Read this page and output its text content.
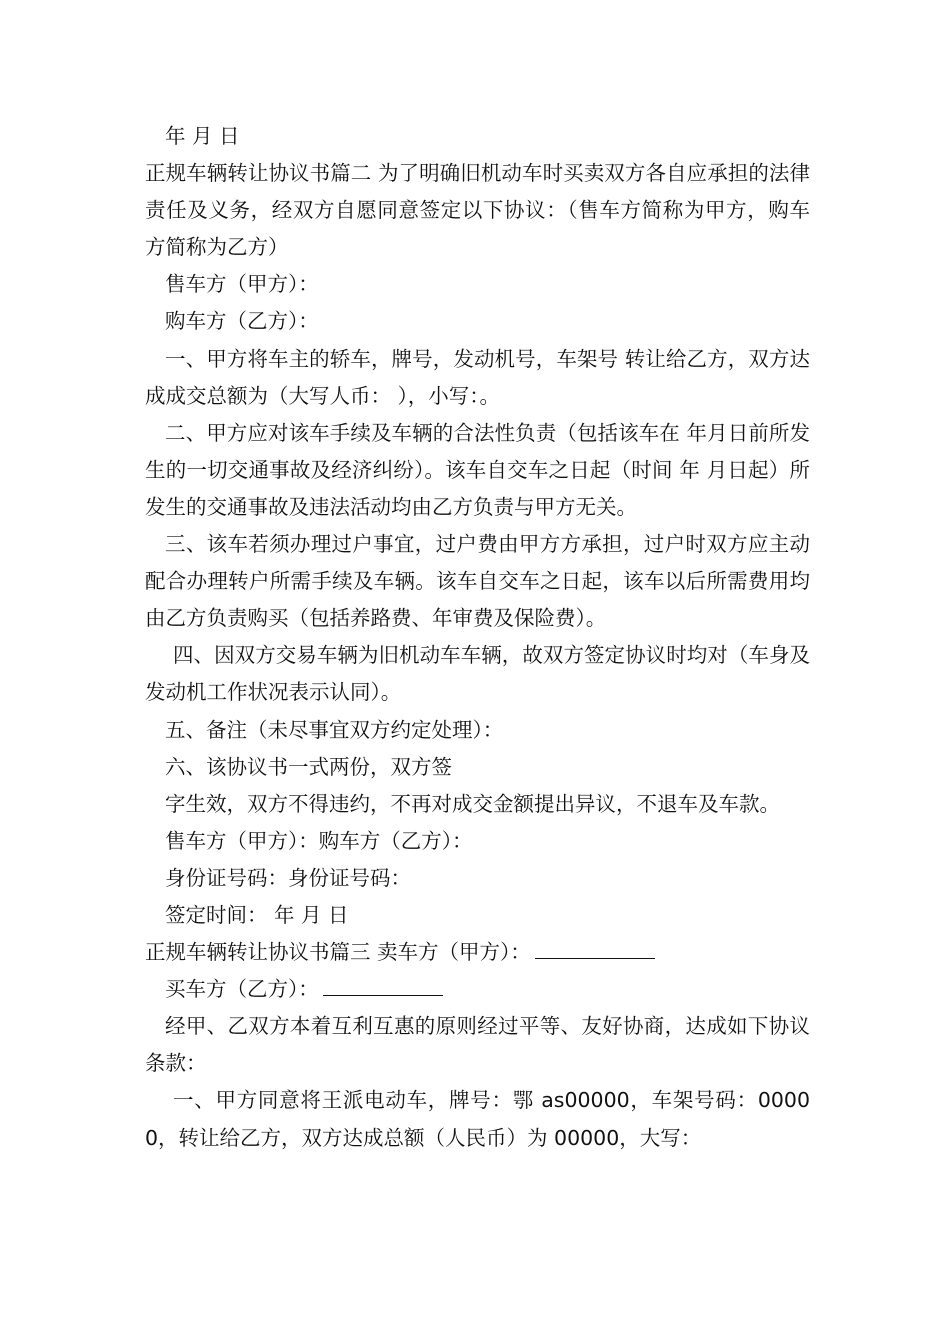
年 月 日

正规车辆转让协议书篇二 为了明确旧机动车时买卖双方各自应承担的法律责任及义务，经双方自愿同意签定以下协议：（售车方简称为甲方，购车方简称为乙方）

售车方（甲方）：

购车方（乙方）：

一、甲方将车主的轿车，牌号，发动机号，车架号 转让给乙方，双方达成成交总额为（大写人币： ），小写：。

二、甲方应对该车手续及车辆的合法性负责（包括该车在 年月日前所发生的一切交通事故及经济纠纷）。该车自交车之日起（时间 年 月日起）所发生的交通事故及违法活动均由乙方负责与甲方无关。

三、该车若须办理过户事宜，过户费由甲方方承担，过户时双方应主动配合办理转户所需手续及车辆。该车自交车之日起，该车以后所需费用均由乙方负责购买（包括养路费、年审费及保险费）。

四、因双方交易车辆为旧机动车车辆，故双方签定协议时均对（车身及发动机工作状况表示认同）。

五、备注（未尽事宜双方约定处理）：

六、该协议书一式两份，双方签

字生效，双方不得违约，不再对成交金额提出异议，不退车及车款。

售车方（甲方）：购车方（乙方）：

身份证号码：身份证号码：

签定时间： 年 月 日

正规车辆转让协议书篇三 卖车方（甲方）：

买车方（乙方）：

经甲、乙双方本着互利互惠的原则经过平等、友好协商，达成如下协议条款：

一、甲方同意将王派电动车，牌号：鄂 as00000，车架号码：00000，转让给乙方，双方达成总额（人民币）为 00000，大写：
